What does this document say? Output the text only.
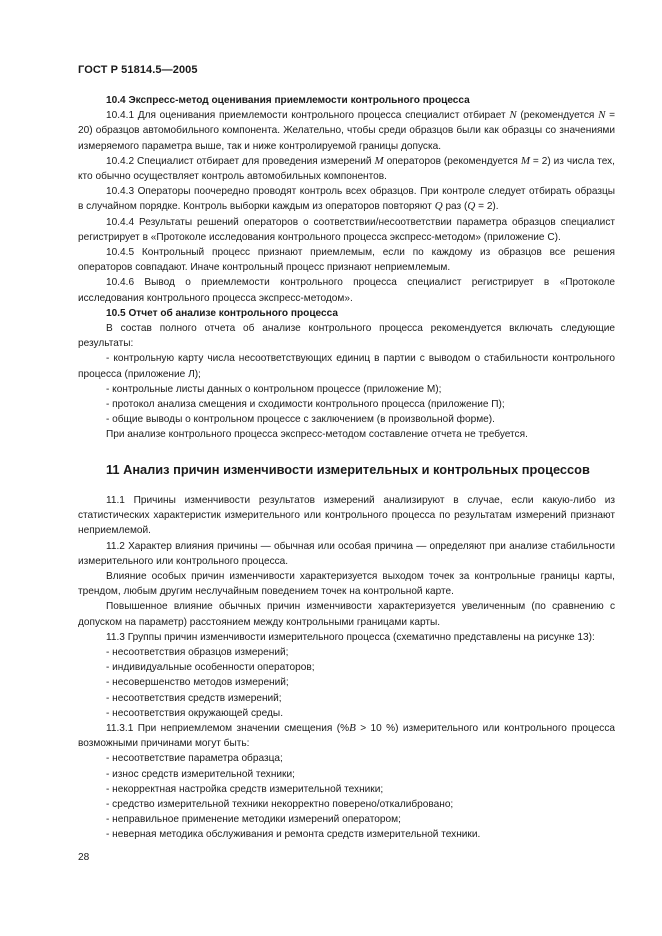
ГОСТ Р 51814.5—2005

10.4 Экспресс-метод оценивания приемлемости контрольного процесса

10.4.1 Для оценивания приемлемости контрольного процесса специалист отбирает N (рекомендуется N = 20) образцов автомобильного компонента. Желательно, чтобы среди образцов были как образцы со значениями измеряемого параметра выше, так и ниже контролируемой границы допуска.

10.4.2 Специалист отбирает для проведения измерений M операторов (рекомендуется M = 2) из числа тех, кто обычно осуществляет контроль автомобильных компонентов.

10.4.3 Операторы поочередно проводят контроль всех образцов. При контроле следует отбирать образцы в случайном порядке. Контроль выборки каждым из операторов повторяют Q раз (Q = 2).

10.4.4 Результаты решений операторов о соответствии/несоответствии параметра образцов специалист регистрирует в «Протоколе исследования контрольного процесса экспресс-методом» (приложение С).

10.4.5 Контрольный процесс признают приемлемым, если по каждому из образцов все решения операторов совпадают. Иначе контрольный процесс признают неприемлемым.

10.4.6 Вывод о приемлемости контрольного процесса специалист регистрирует в «Протоколе исследования контрольного процесса экспресс-методом».

10.5 Отчет об анализе контрольного процесса

В состав полного отчета об анализе контрольного процесса рекомендуется включать следующие результаты:

- контрольную карту числа несоответствующих единиц в партии с выводом о стабильности контрольного процесса (приложение Л);

- контрольные листы данных о контрольном процессе (приложение М);

- протокол анализа смещения и сходимости контрольного процесса (приложение П);

- общие выводы о контрольном процессе с заключением (в произвольной форме).

При анализе контрольного процесса экспресс-методом составление отчета не требуется.

11 Анализ причин изменчивости измерительных и контрольных процессов

11.1 Причины изменчивости результатов измерений анализируют в случае, если какую-либо из статистических характеристик измерительного или контрольного процесса по результатам измерений признают неприемлемой.

11.2 Характер влияния причины — обычная или особая причина — определяют при анализе стабильности измерительного или контрольного процесса.

Влияние особых причин изменчивости характеризуется выходом точек за контрольные границы карты, трендом, любым другим неслучайным поведением точек на контрольной карте.

Повышенное влияние обычных причин изменчивости характеризуется увеличенным (по сравнению с допуском на параметр) расстоянием между контрольными границами карты.

11.3 Группы причин изменчивости измерительного процесса (схематично представлены на рисунке 13):

- несоответствия образцов измерений;

- индивидуальные особенности операторов;

- несовершенство методов измерений;

- несоответствия средств измерений;

- несоответствия окружающей среды.

11.3.1 При неприемлемом значении смещения (%B > 10 %) измерительного или контрольного процесса возможными причинами могут быть:

- несоответствие параметра образца;

- износ средств измерительной техники;

- некорректная настройка средств измерительной техники;

- средство измерительной техники некорректно поверено/откалибровано;

- неправильное применение методики измерений оператором;

- неверная методика обслуживания и ремонта средств измерительной техники.

28
